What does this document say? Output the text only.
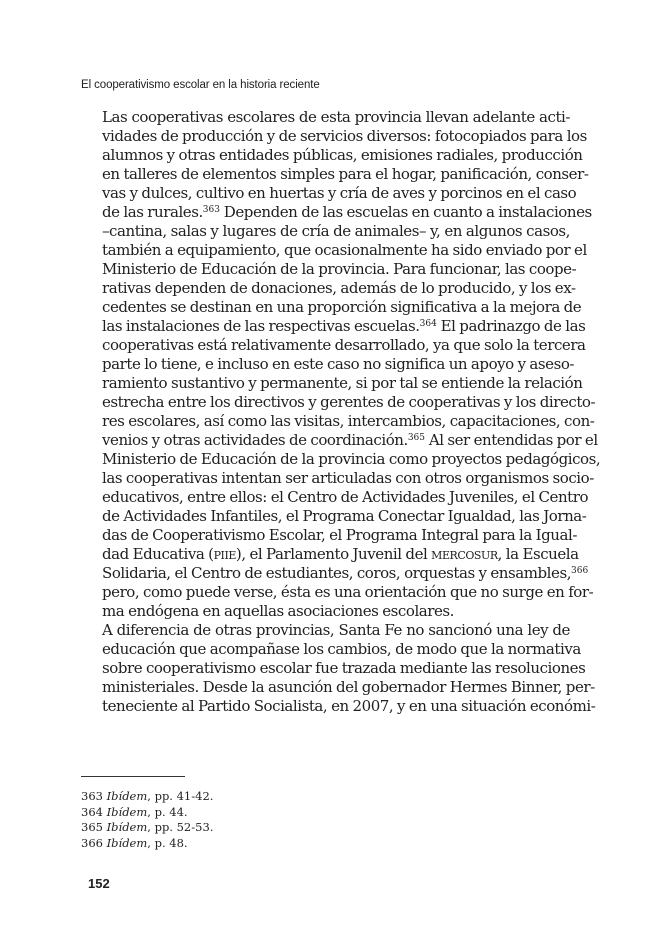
El cooperativismo escolar en la historia reciente

Las cooperativas escolares de esta provincia llevan adelante acti-
vidades de producción y de servicios diversos: fotocopiados para los
alumnos y otras entidades públicas, emisiones radiales, producción
en talleres de elementos simples para el hogar, panificación, conser-
vas y dulces, cultivo en huertas y cría de aves y porcinos en el caso
de las rurales.$^{363}$ Dependen de las escuelas en cuanto a instalaciones
–cantina, salas y lugares de cría de animales– y, en algunos casos,
también a equipamiento, que ocasionalmente ha sido enviado por el
Ministerio de Educación de la provincia. Para funcionar, las coope-
rativas dependen de donaciones, además de lo producido, y los ex-
cedentes se destinan en una proporción significativa a la mejora de
las instalaciones de las respectivas escuelas.$^{364}$ El padrinazgo de las
cooperativas está relativamente desarrollado, ya que solo la tercera
parte lo tiene, e incluso en este caso no significa un apoyo y aseso-
ramiento sustantivo y permanente, si por tal se entiende la relación
estrecha entre los directivos y gerentes de cooperativas y los directo-
res escolares, así como las visitas, intercambios, capacitaciones, con-
venios y otras actividades de coordinación.$^{365}$ Al ser entendidas por el
Ministerio de Educación de la provincia como proyectos pedagógicos,
las cooperativas intentan ser articuladas con otros organismos socio-
educativos, entre ellos: el Centro de Actividades Juveniles, el Centro
de Actividades Infantiles, el Programa Conectar Igualdad, las Jorna-
das de Cooperativismo Escolar, el Programa Integral para la Igual-
dad Educativa (piie), el Parlamento Juvenil del mercosur, la Escuela
Solidaria, el Centro de estudiantes, coros, orquestas y ensambles,$^{366}$
pero, como puede verse, ésta es una orientación que no surge en for-
ma endógena en aquellas asociaciones escolares.

A diferencia de otras provincias, Santa Fe no sancionó una ley de
educación que acompañase los cambios, de modo que la normativa
sobre cooperativismo escolar fue trazada mediante las resoluciones
ministeriales. Desde la asunción del gobernador Hermes Binner, per-
teneciente al Partido Socialista, en 2007, y en una situación económi-

363 Ibídem, pp. 41-42.
364 Ibídem, p. 44.
365 Ibídem, pp. 52-53.
366 Ibídem, p. 48.
152
